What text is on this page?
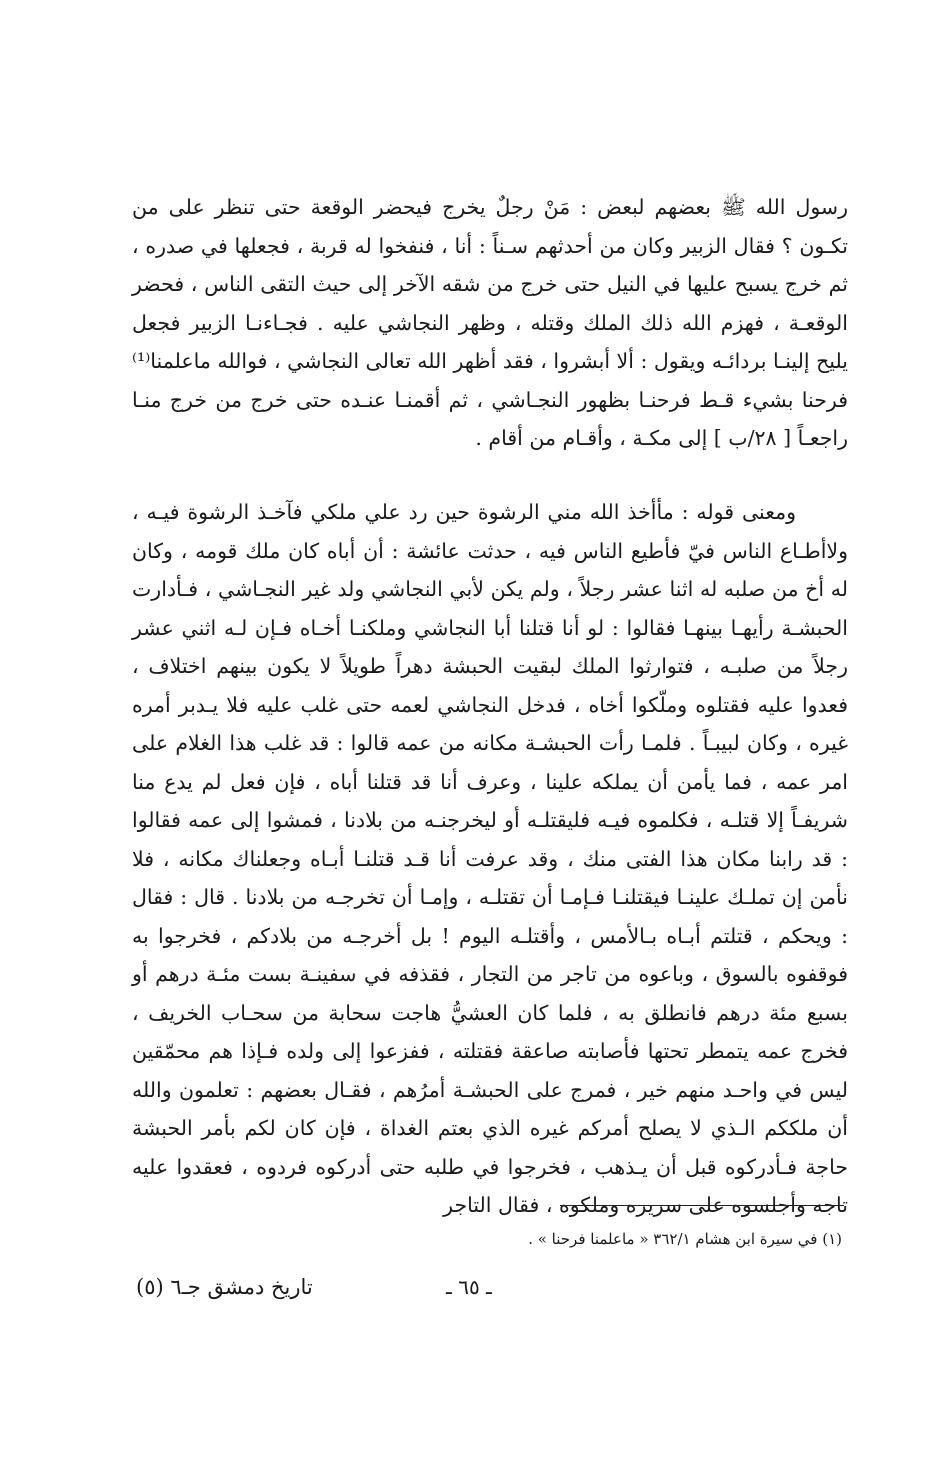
رسول الله ﷺ بعضهم لبعض : مَنْ رجلٌ يخرج فيحضر الوقعة حتى تنظر على من تكـون ؟ فقال الزبير وكان من أحدثهم سـناً : أنا ، فنفخوا له قربة ، فجعلها في صدره ، ثم خرج يسبح عليها في النيل حتى خرج من شقه الآخر إلى حيث التقى الناس ، فحضر الوقعـة ، فهزم الله ذلك الملك وقتله ، وظهر النجاشي عليه . فجـاءنـا الزبير فجعل يليح إلينـا بردائـه ويقول : ألا أبشروا ، فقد أظهر الله تعالى النجاشي ، فوالله ماعلمنا⁽¹⁾ فرحنا بشيء قـط فرحنـا بظهور النجـاشي ، ثم أقمنـا عنـده حتى خرج من خرج منـا راجعـاً [ ٢٨/ب ] إلى مكـة ، وأقـام من أقام .

ومعنى قوله : مأأخذ الله مني الرشوة حين رد علي ملكي فآخـذ الرشوة فيـه ، ولاأطـاع الناس فيّ فأطيع الناس فيه ، حدثت عائشة : أن أباه كان ملك قومه ، وكان له أخ من صلبه له اثنا عشر رجلاً ، ولم يكن لأبي النجاشي ولد غير النجـاشي ، فـأدارت الحبشـة رأيهـا بينهـا فقالوا : لو أنا قتلنا أبا النجاشي وملكنـا أخـاه فـإن لـه اثني عشر رجلاً من صلبـه ، فتوارثوا الملك لبقيت الحبشة دهراً طويلاً لا يكون بينهم اختلاف ، فعدوا عليه فقتلوه وملّكوا أخاه ، فدخل النجاشي لعمه حتى غلب عليه فلا يـدبر أمره غيره ، وكان لبيبـاً . فلمـا رأت الحبشـة مكانه من عمه قالوا : قد غلب هذا الغلام على امر عمه ، فما يأمن أن يملكه علينا ، وعرف أنا قد قتلنا أباه ، فإن فعل لم يدع منا شريفـاً إلا قتلـه ، فكلموه فيـه فليقتلـه أو ليخرجنـه من بلادنا ، فمشوا إلى عمه فقالوا : قد رابنا مكان هذا الفتى منك ، وقد عرفت أنا قـد قتلنـا أبـاه وجعلناك مكانه ، فلا نأمن إن تملـك علينـا فيقتلنـا فـإمـا أن تقتلـه ، وإمـا أن تخرجـه من بلادنا . قال : فقال : ويحكم ، قتلتم أبـاه بـالأمس ، وأقتلـه اليوم ! بل أخرجـه من بلادكم ، فخرجوا به فوقفوه بالسوق ، وباعوه من تاجر من التجار ، فقذفه في سفينـة بست مئـة درهم أو بسبع مئة درهم فانطلق به ، فلما كان العشيُّ هاجت سحابة من سحـاب الخريف ، فخرج عمه يتمطر تحتها فأصابته صاعقة فقتلته ، ففزعوا إلى ولده فـإذا هم محمّقين ليس في واحـد منهم خير ، فمرج على الحبشـة أمرُهم ، فقـال بعضهم : تعلمون والله أن ملككم الـذي لا يصلح أمركم غيره الذي بعتم الغداة ، فإن كان لكم بأمر الحبشة حاجة فـأدركوه قبل أن يـذهب ، فخرجوا في طلبه حتى أدركوه فردوه ، فعقدوا عليه تاجه وأجلسوه على سريره وملكوه ، فقال التاجر

(١) في سيرة ابن هشام ٣٦٢/١ « ماعلمنا فرحنا » .
ـ ٦٥ ـ
تاريخ دمشق جـ٦ (٥)
